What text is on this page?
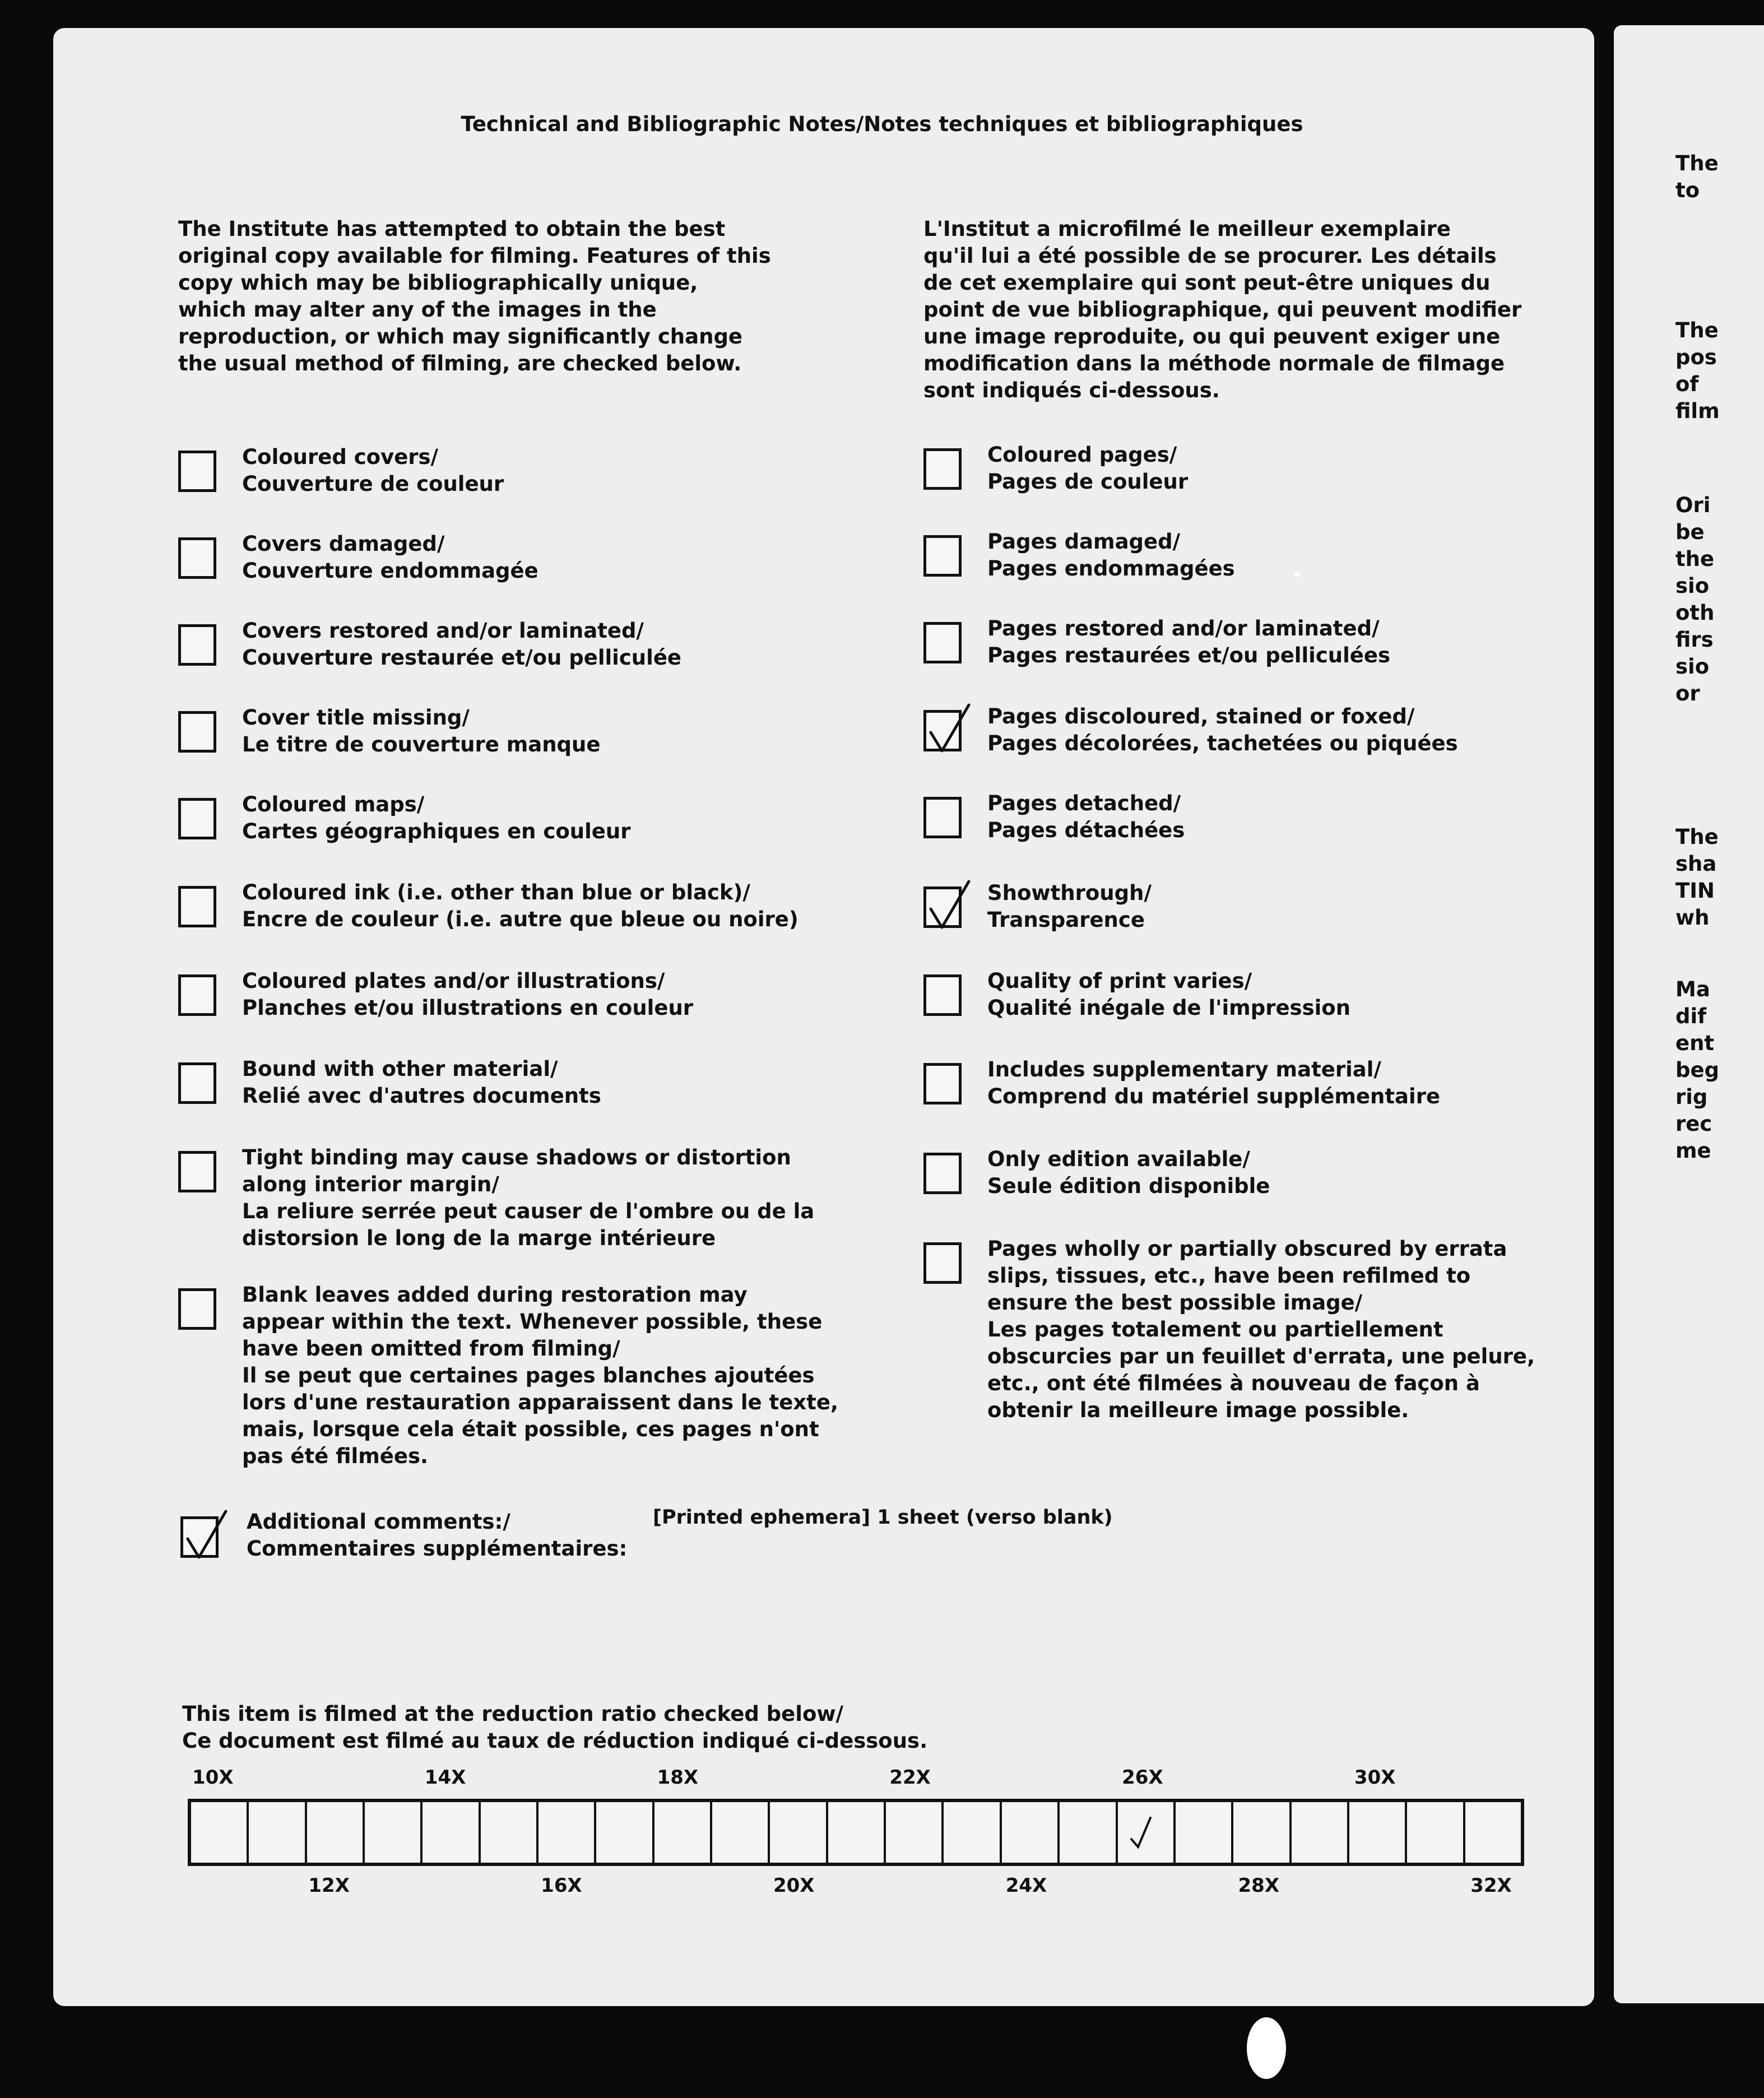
Technical and Bibliographic Notes/Notes techniques et bibliographiques
The Institute has attempted to obtain the best
original copy available for filming. Features of this
copy which may be bibliographically unique,
which may alter any of the images in the
reproduction, or which may significantly change
the usual method of filming, are checked below.
L'Institut a microfilmé le meilleur exemplaire
qu'il lui a été possible de se procurer. Les détails
de cet exemplaire qui sont peut-être uniques du
point de vue bibliographique, qui peuvent modifier
une image reproduite, ou qui peuvent exiger une
modification dans la méthode normale de filmage
sont indiqués ci-dessous.
Coloured covers/
Couverture de couleur
Covers damaged/
Couverture endommagée
Covers restored and/or laminated/
Couverture restaurée et/ou pelliculée
Cover title missing/
Le titre de couverture manque
Coloured maps/
Cartes géographiques en couleur
Coloured ink (i.e. other than blue or black)/
Encre de couleur (i.e. autre que bleue ou noire)
Coloured plates and/or illustrations/
Planches et/ou illustrations en couleur
Bound with other material/
Relié avec d'autres documents
Tight binding may cause shadows or distortion
along interior margin/
La reliure serrée peut causer de l'ombre ou de la
distorsion le long de la marge intérieure
Blank leaves added during restoration may
appear within the text. Whenever possible, these
have been omitted from filming/
Il se peut que certaines pages blanches ajoutées
lors d'une restauration apparaissent dans le texte,
mais, lorsque cela était possible, ces pages n'ont
pas été filmées.
Coloured pages/
Pages de couleur
Pages damaged/
Pages endommagées
Pages restored and/or laminated/
Pages restaurées et/ou pelliculées
Pages discoloured, stained or foxed/
Pages décolorées, tachetées ou piquées
Pages detached/
Pages détachées
Showthrough/
Transparence
Quality of print varies/
Qualité inégale de l'impression
Includes supplementary material/
Comprend du matériel supplémentaire
Only edition available/
Seule édition disponible
Pages wholly or partially obscured by errata
slips, tissues, etc., have been refilmed to
ensure the best possible image/
Les pages totalement ou partiellement
obscurcies par un feuillet d'errata, une pelure,
etc., ont été filmées à nouveau de façon à
obtenir la meilleure image possible.
Additional comments:/
Commentaires supplémentaires:
[Printed ephemera] 1 sheet (verso blank)
This item is filmed at the reduction ratio checked below/
Ce document est filmé au taux de réduction indiqué ci-dessous.
10X	14X	18X	22X	26X	30X
12X	16X	20X	24X	28X	32X
The
to
The
pos
of
film
Ori
be
the
sio
oth
firs
sio
or
The
sha
TIN
wh
Ma
dif
ent
beg
rig
rec
me
